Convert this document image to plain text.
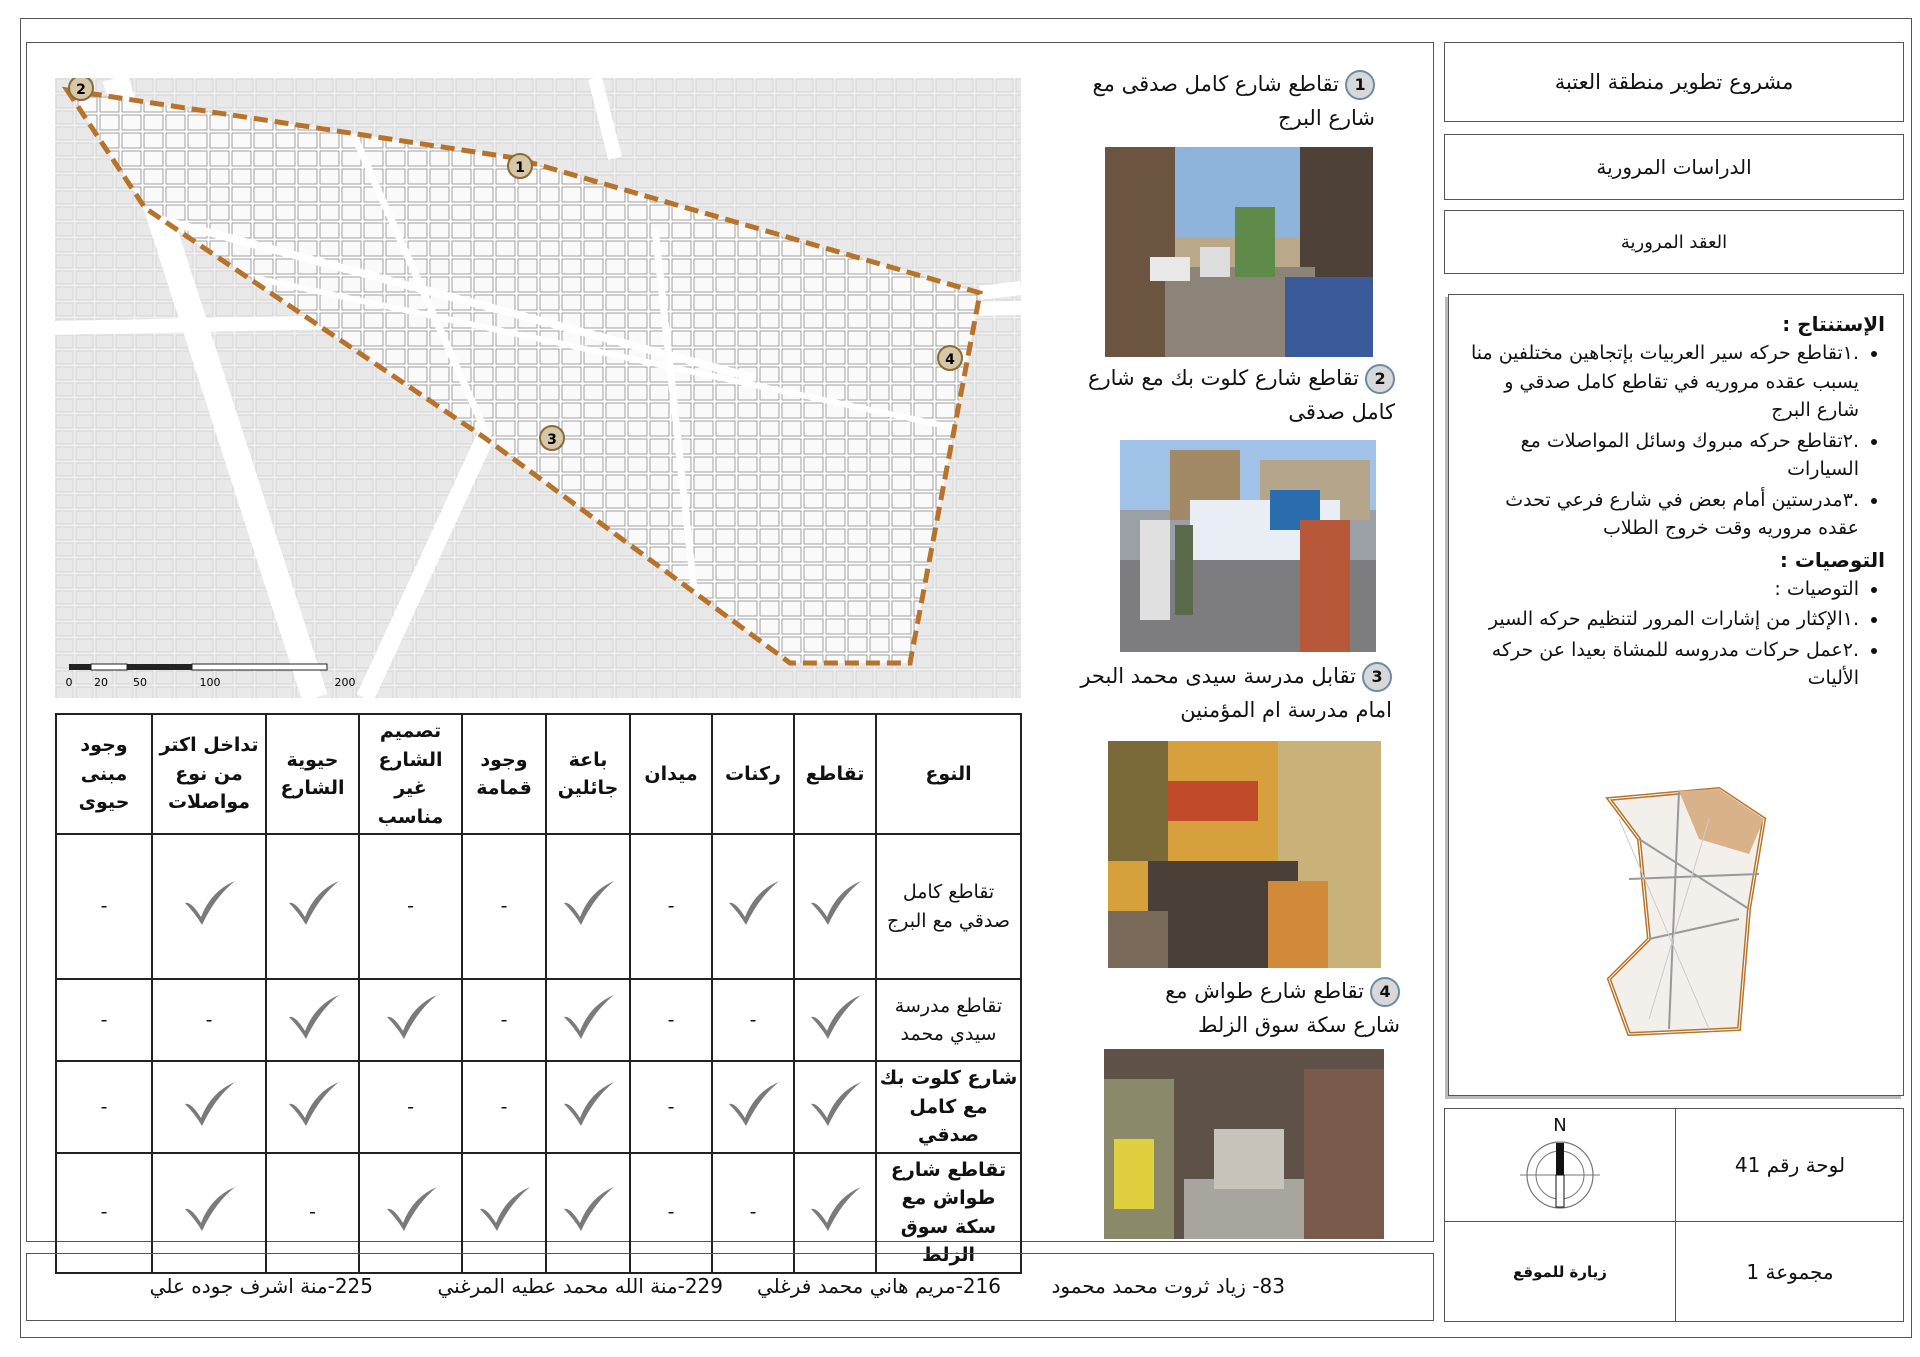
1
2
3
4
0 20 50	100	200
النوع	تقاطع	ركنات	ميدان	باعة جائلين	وجود قمامة	تصميم الشارع غير مناسب	حيوية الشارع	تداخل اكتر من نوع مواصلات	وجود مبنى حيوى
تقاطع كامل صدقي مع البرج			-		-	-			-
تقاطع مدرسة سيدي محمد		-	-		-			-	-
شارع كلوت بك مع كامل صدقي			-		-	-			-
تقاطع شارع طواش مع سكة سوق الزلط		-	-				-		-
1تقاطع شارع كامل صدقى مع شارع البرج
2تقاطع شارع كلوت بك مع شارع كامل صدقى
3تقابل مدرسة سيدى محمد البحر امام مدرسة ام المؤمنين
4تقاطع شارع طواش مع شارع سكة سوق الزلط
مشروع تطوير منطقة العتبة
الدراسات المرورية
العقد المرورية
الإستنتاج :
• .١تقاطع حركه سير العربيات بإتجاهين مختلفين منا يسبب عقده مروريه في تقاطع كامل صدقي و شارع البرج
• .٢تقاطع حركه مبروك وسائل المواصلات مع السيارات
• .٣مدرستين أمام بعض في شارع فرعي تحدث عقده مروريه وقت خروج الطلاب
التوصيات :
• التوصيات :
• .١الإكثار من إشارات المرور لتنظيم حركه السير
• .٢عمل حركات مدروسه للمشاة بعيدا عن حركه الأليات
لوحة رقم 41
مجموعة 1
زيارة للموقع
N
83- زياد ثروت محمد محمود
216-مريم هاني محمد فرغلي
229-منة الله محمد عطيه المرغني
225-منة اشرف جوده علي
